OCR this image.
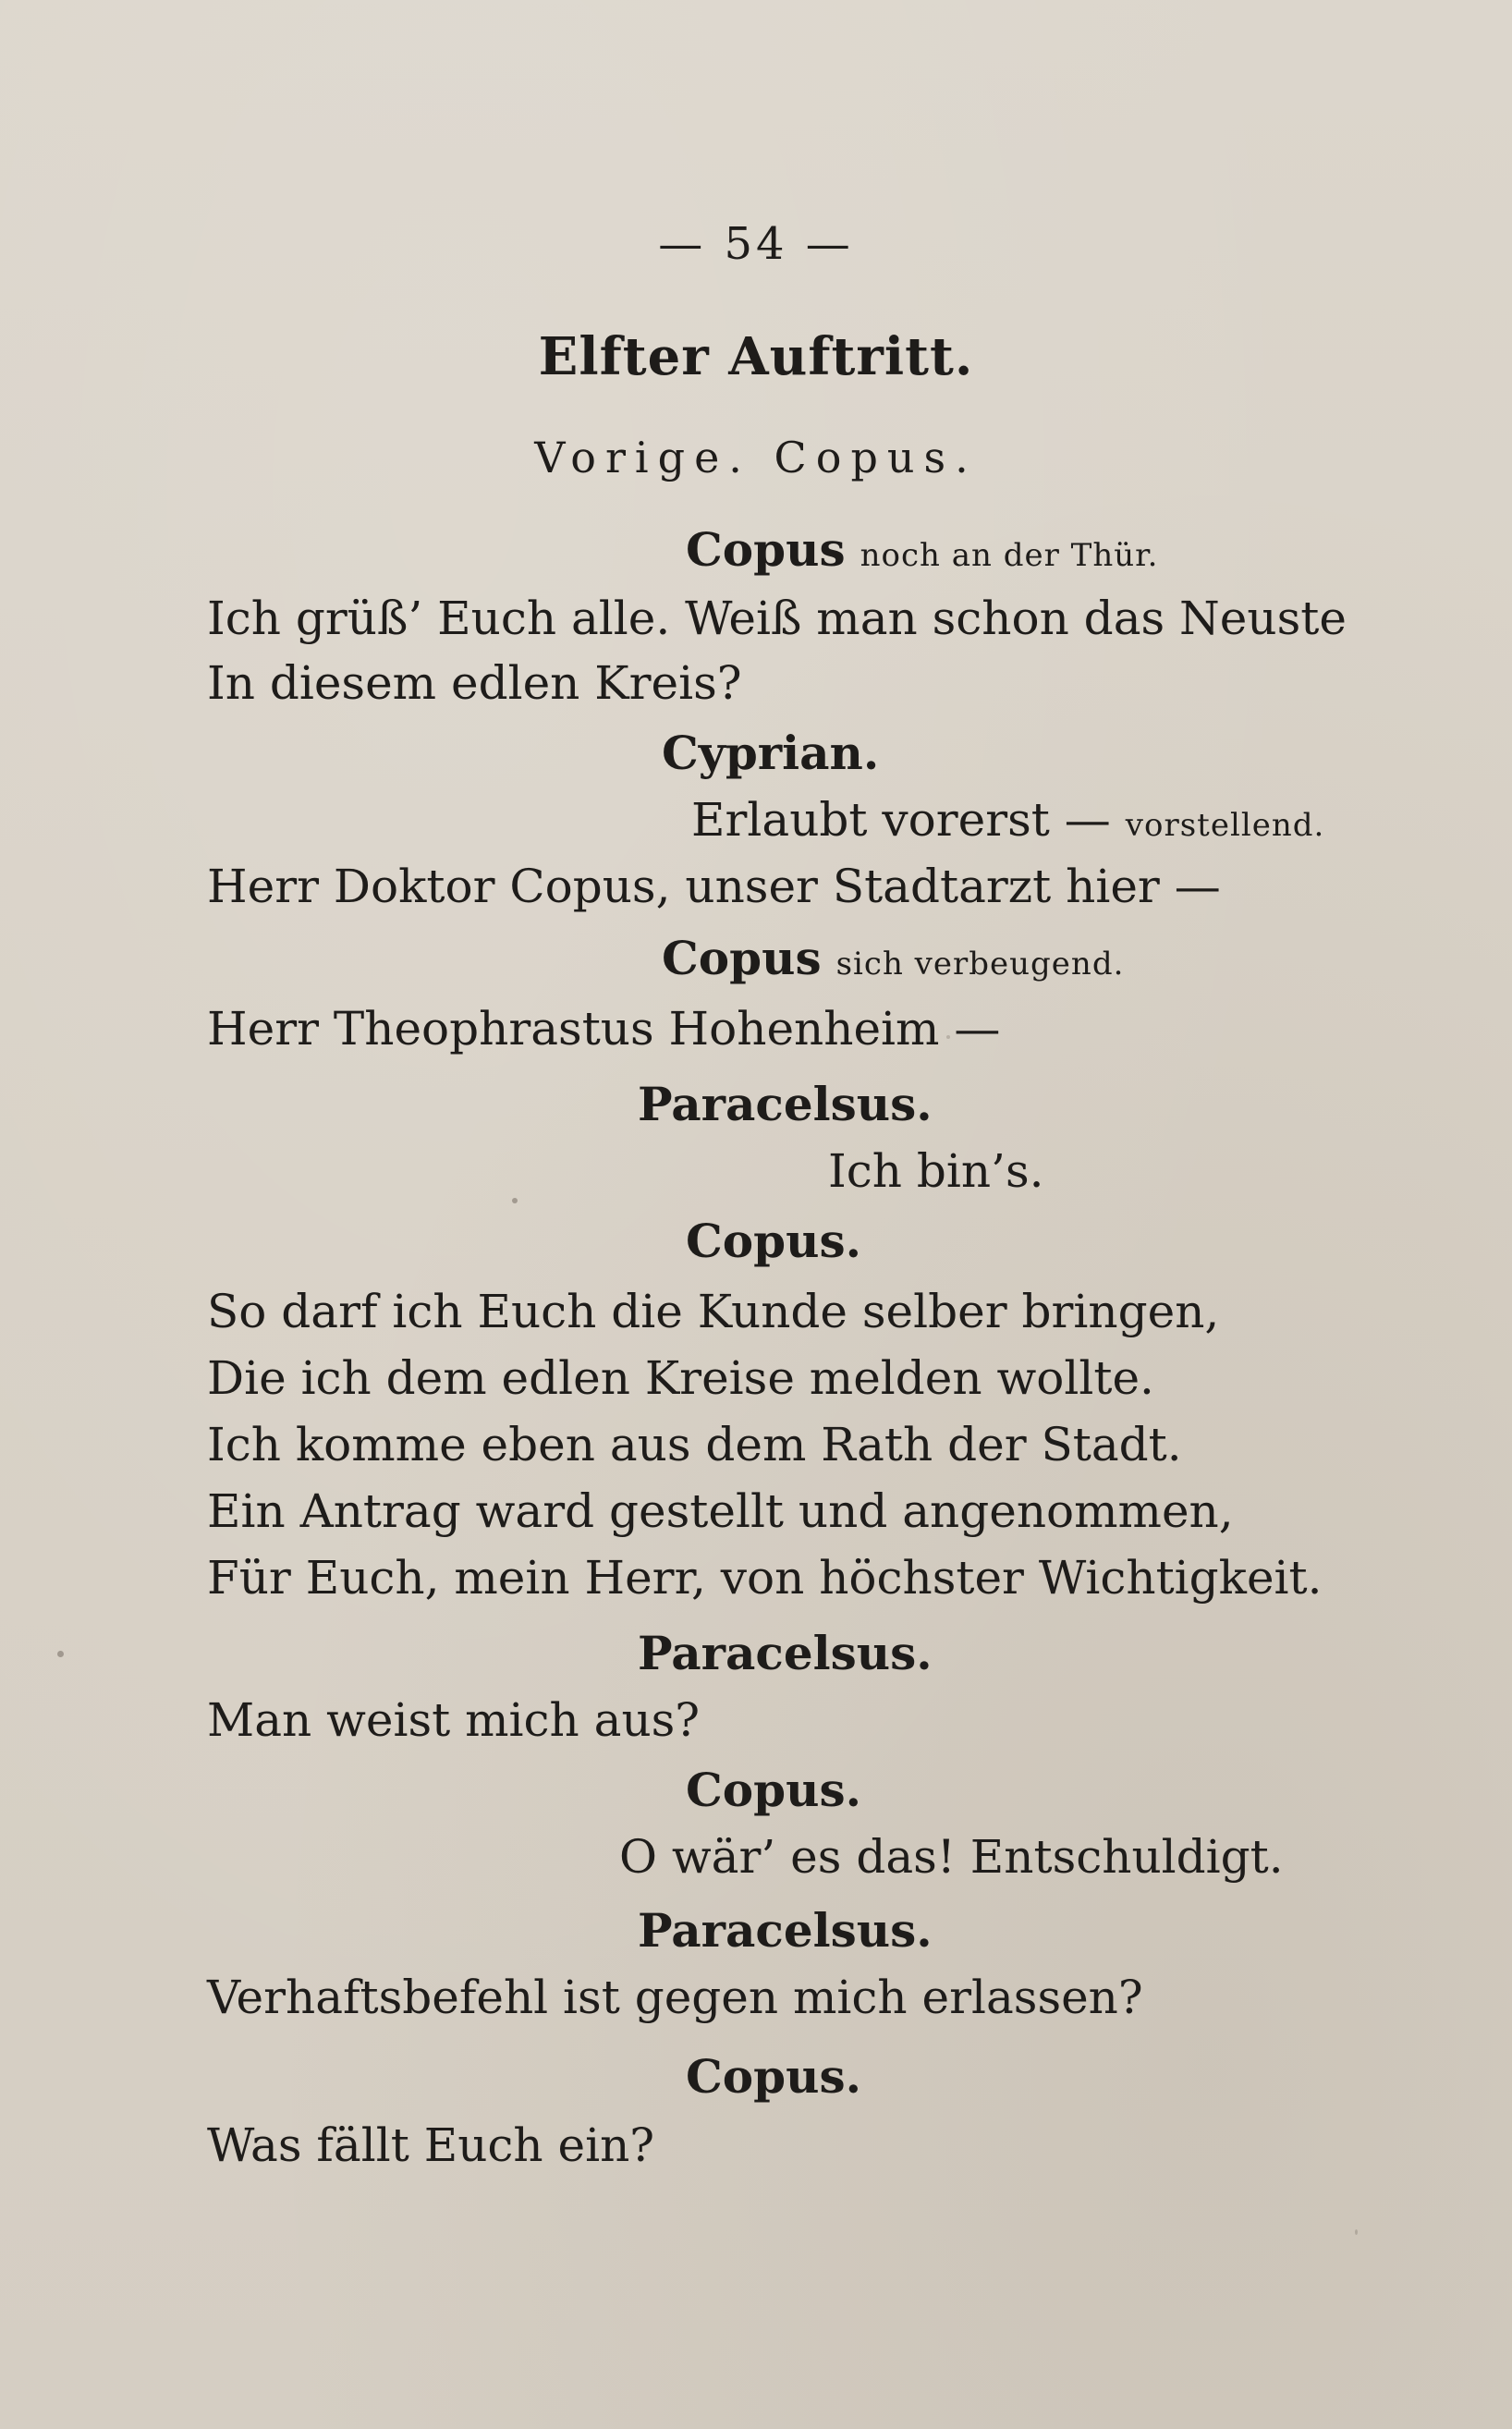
— 54 —
Elfter Auftritt.
Vorige. Copus.
Copus noch an der Thür.
Ich grüß’ Euch alle. Weiß man schon das Neuste
In diesem edlen Kreis?
Cyprian.
Erlaubt vorerst — vorstellend.
Herr Doktor Copus, unser Stadtarzt hier —
Copus sich verbeugend.
Herr Theophrastus Hohenheim —
Paracelsus.
Ich bin’s.
Copus.
So darf ich Euch die Kunde selber bringen,
Die ich dem edlen Kreise melden wollte.
Ich komme eben aus dem Rath der Stadt.
Ein Antrag ward gestellt und angenommen,
Für Euch, mein Herr, von höchster Wichtigkeit.
Paracelsus.
Man weist mich aus?
Copus.
O wär’ es das! Entschuldigt.
Paracelsus.
Verhaftsbefehl ist gegen mich erlassen?
Copus.
Was fällt Euch ein?
